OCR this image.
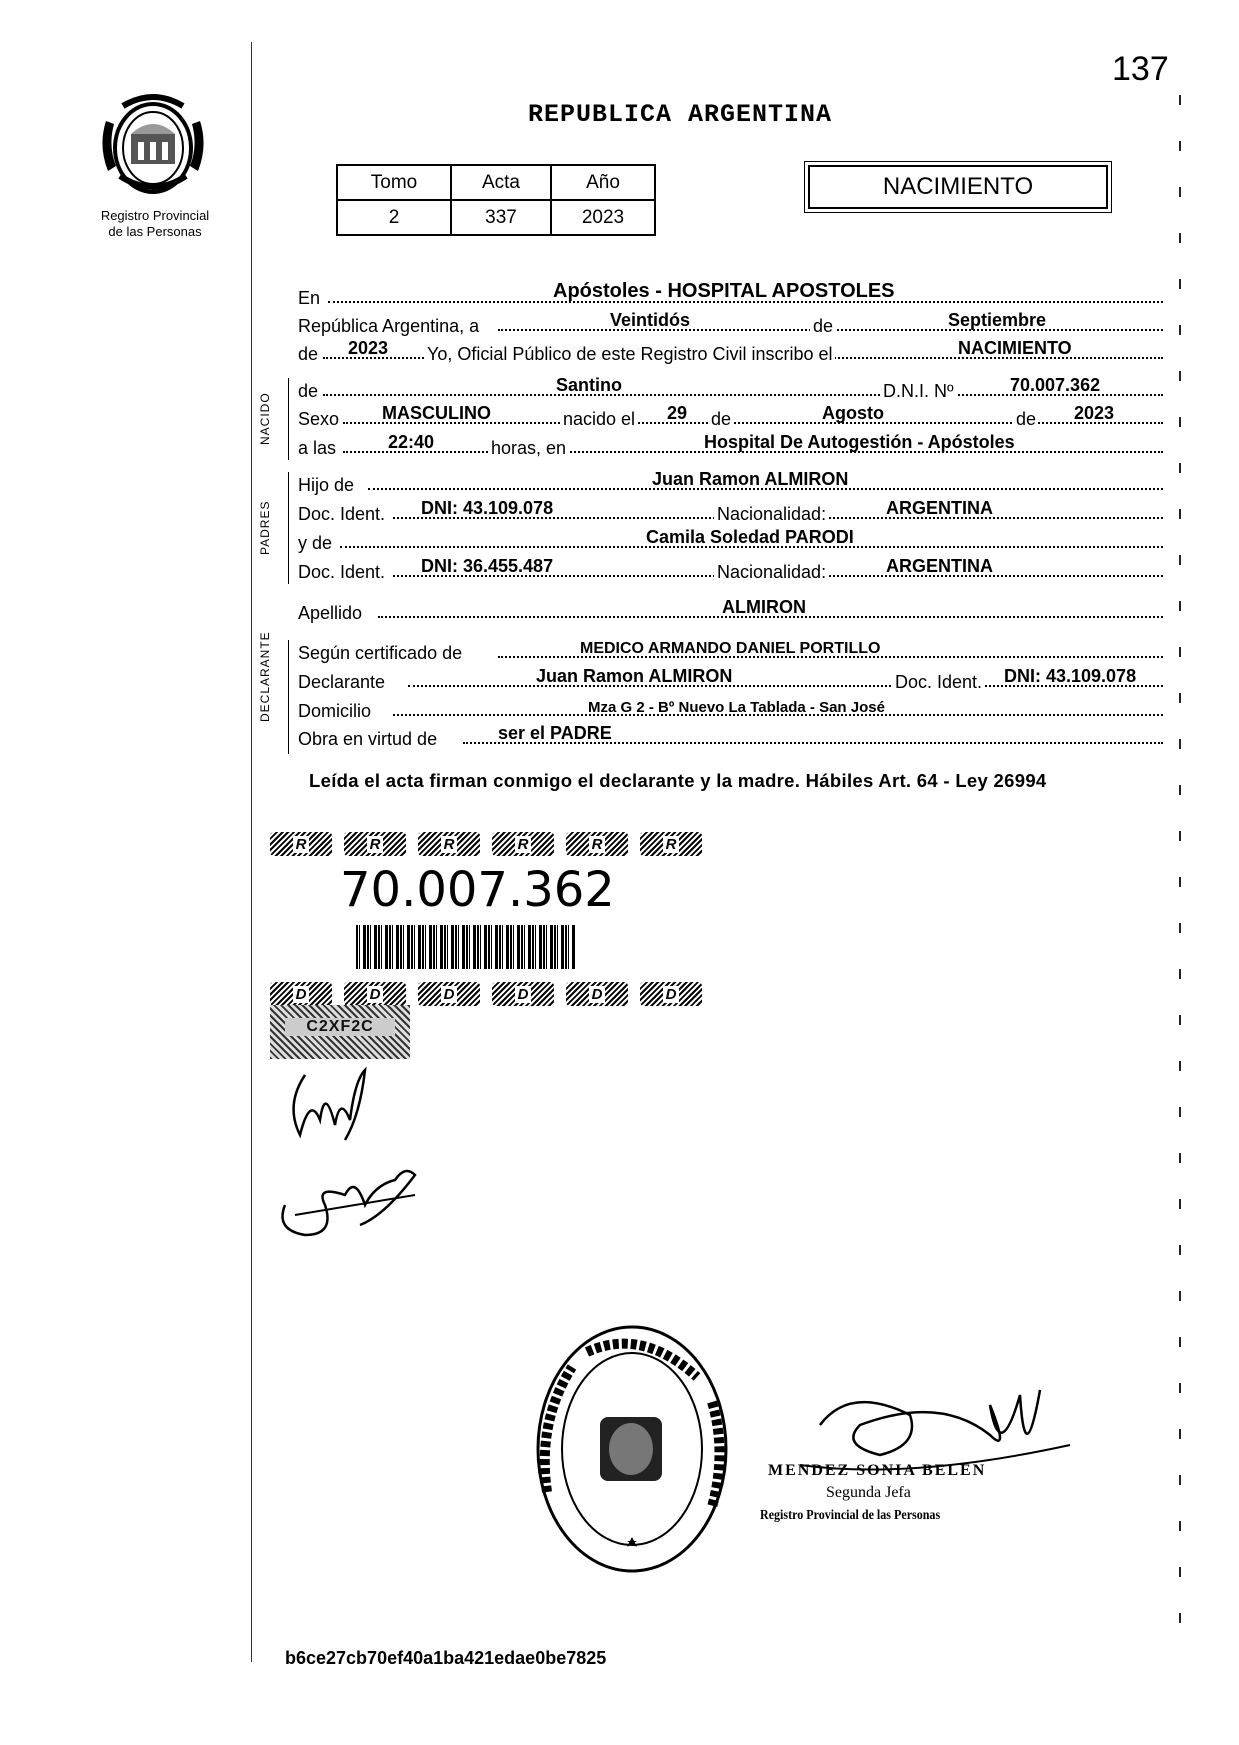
137
Registro Provincial
de las Personas
REPUBLICA ARGENTINA
Tomo	Acta	Año
2	337	2023
NACIMIENTO
En	Apóstoles - HOSPITAL APOSTOLES
República Argentina, a	Veintidós	de	Septiembre
de 2023 Yo, Oficial Público de este Registro Civil inscribo el	NACIMIENTO
NACIDO
de	Santino	D.N.I. Nº	70.007.362
Sexo MASCULINO	nacido el 29 de	Agosto	de 2023
a las	22:40	horas, en	Hospital De Autogestión - Apóstoles
PADRES
Hijo de	Juan Ramon ALMIRON
Doc. Ident. DNI: 43.109.078	Nacionalidad:	ARGENTINA
y de	Camila Soledad PARODI
Doc. Ident. DNI: 36.455.487	Nacionalidad:	ARGENTINA
Apellido	ALMIRON
DECLARANTE Según certificado de	MEDICO ARMANDO DANIEL PORTILLO
Declarante	Juan Ramon ALMIRON	Doc. Ident. DNI: 43.109.078
Domicilio	Mza G 2 - Bº Nuevo La Tablada - San José
Obra en virtud de	ser el PADRE
Leída el acta firman conmigo el declarante y la madre. Hábiles Art. 64 - Ley 26994
R	R	R	R	R	R
70.007.362
D	D	D	D	D	D
C2XF2C
MENDEZ SONIA BELEN
Segunda Jefa
Registro Provincial de las Personas
b6ce27cb70ef40a1ba421edae0be7825
